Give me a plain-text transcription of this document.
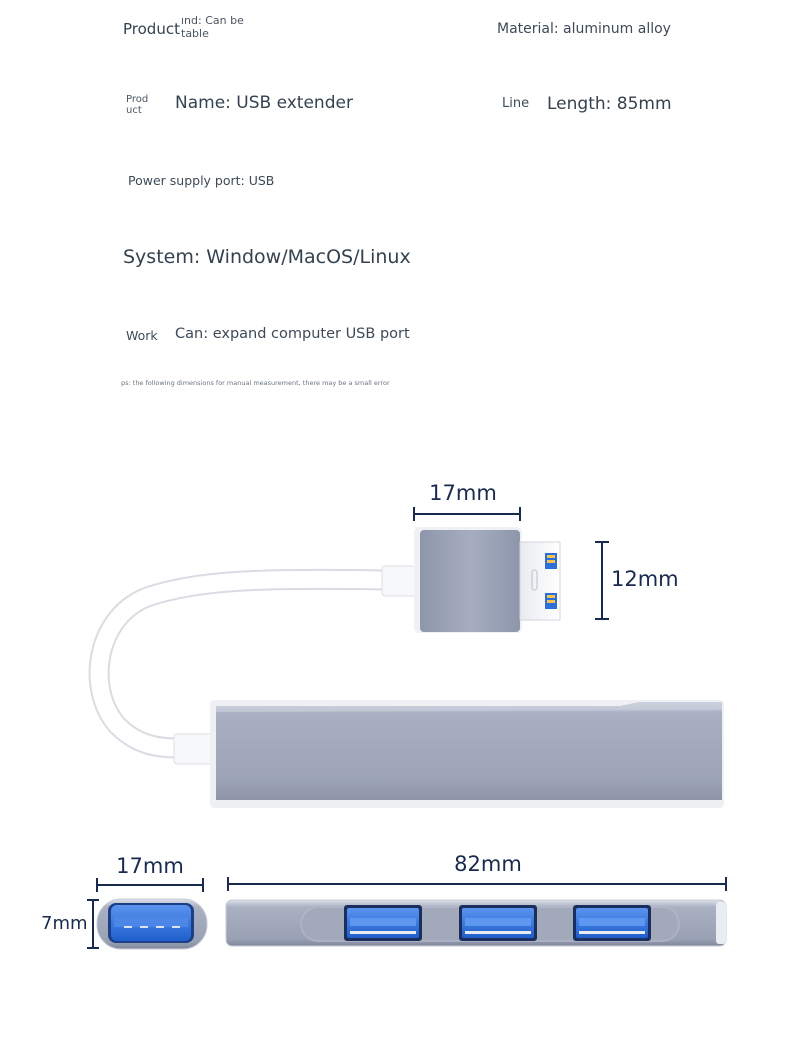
Product ınd: Can be
table	Material: aluminum alloy
Prod
uct Name: USB extender	Line Length: 85mm
Power supply port: USB
System: Window/MacOS/Linux
Work Can: expand computer USB port
ps: the following dimensions for manual measurement, there may be a small error
17mm
12mm
17mm
7mm
82mm
